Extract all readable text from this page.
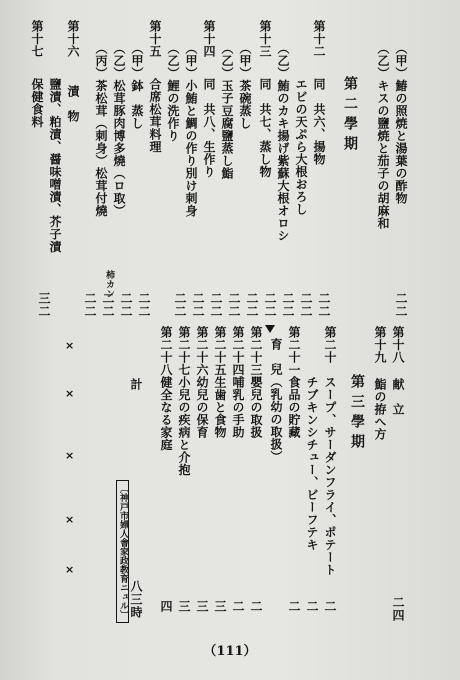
（甲）鰆の照焼と湯葉の酢物
（乙）キスの鹽焼と茄子の胡麻和
第二學期
第十二
同　共六、揚物
エビの天ぷら大根おろし
（乙）鮪のカキ揚げ紫蘇大根オロシ
第十三
同　共七、蒸し物
（甲）茶碗蒸し
（乙）玉子豆腐鹽蒸し鮨
第十四
同　共八、生作り
（甲）小鮪と鯛の作り別け刺身
（乙）鯉の洗作り
第十五
合席松茸料理
（甲）鉢　蒸し
（乙）松茸豚肉博多燒（ロ取）
（丙）茶松茸（刺身）松茸付燒
第十六
漬　物
鹽漬、粕漬、醤味噌漬、芥子漬
第十七
保健食料
柿カン
二二
二二
二二
二二
二二
二二
二二
二二
二二
二二
二二
二二
二二
二二
三二
第十八
献　立
第十九
鮨の拵へ方
第三學期
第二十
スープ、サーダンフライ、ポテート
チブキンシチュー、ビーフテキ
第二十一
食品の貯藏
育　兒（乳幼の取扱）
第二十三
嬰兒の取扱
第二十四
哺乳の手助
第二十五
生歯と食物
第二十六
幼兒の保育
第二十七
小兒の疾病と介抱
第二十八
健全なる家庭
計
二四
二
二
二
二
二
三
三
三
四
八三時
×
×
×
×
×	〔神戸市婦人會家政教育ニュル〕
（111）
